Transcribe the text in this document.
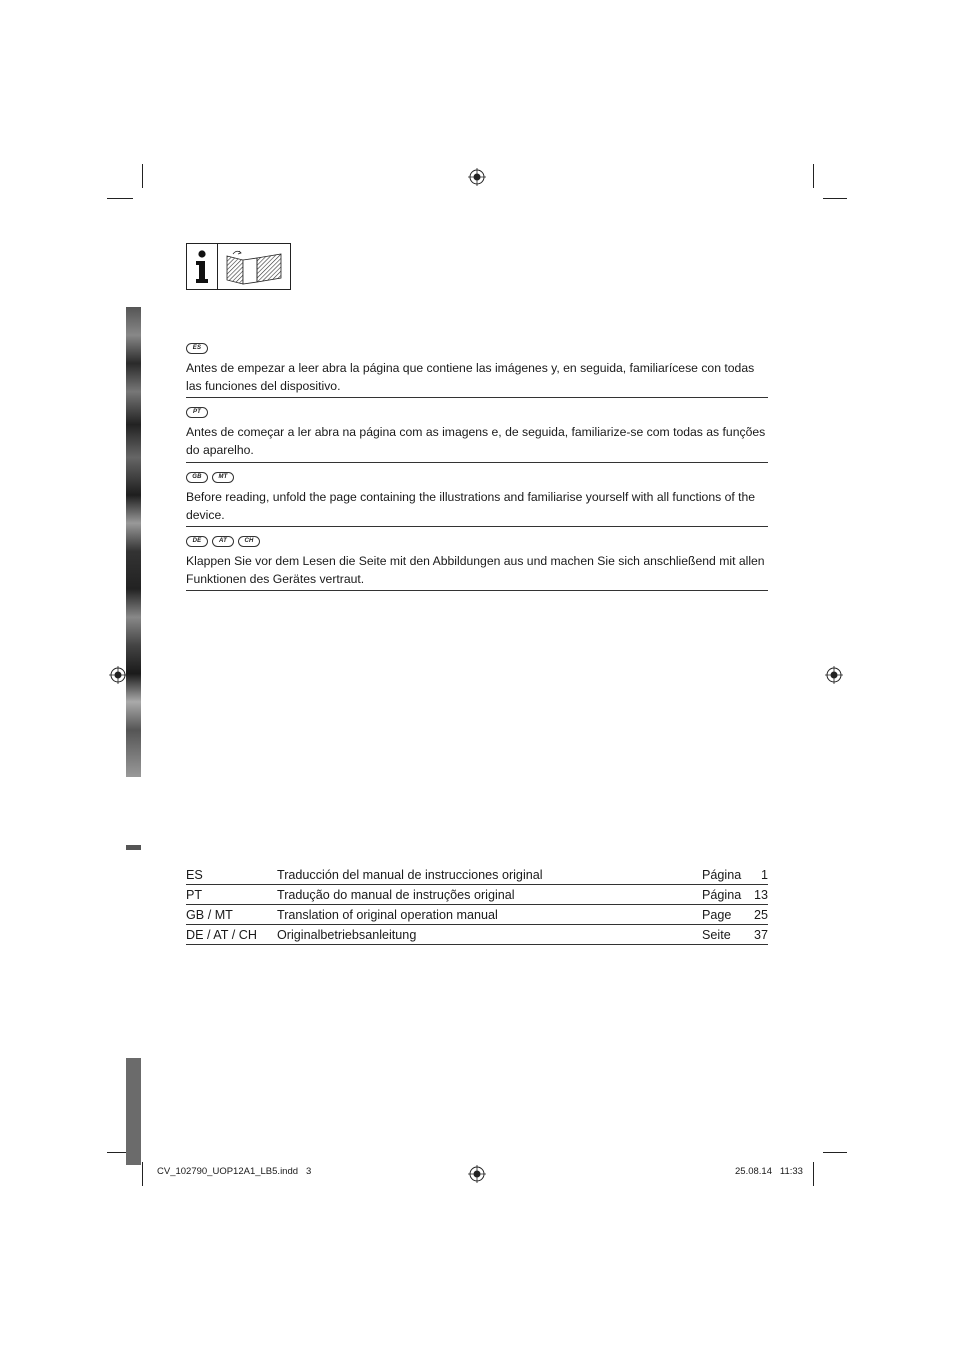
ES

Antes de empezar a leer abra la página que contiene las imágenes y, en seguida, familiarícese con todas las funciones del dispositivo.

PT

Antes de começar a ler abra na página com as imagens e, de seguida, familiarize-se com todas as funções do aparelho.

GB	MT

Before reading, unfold the page containing the illustrations and familiarise yourself with all functions of the device.

DE	AT	CH

Klappen Sie vor dem Lesen die Seite mit den Abbildungen aus und machen Sie sich anschließend mit allen Funktionen des Gerätes vertraut.

ES	Traducción del manual de instrucciones original	Página	1
PT	Tradução do manual de instruções original	Página	13
GB / MT	Translation of original operation manual	Page	25
DE / AT / CH	Originalbetriebsanleitung	Seite	37
CV_102790_UOP12A1_LB5.indd   3	25.08.14   11:33
